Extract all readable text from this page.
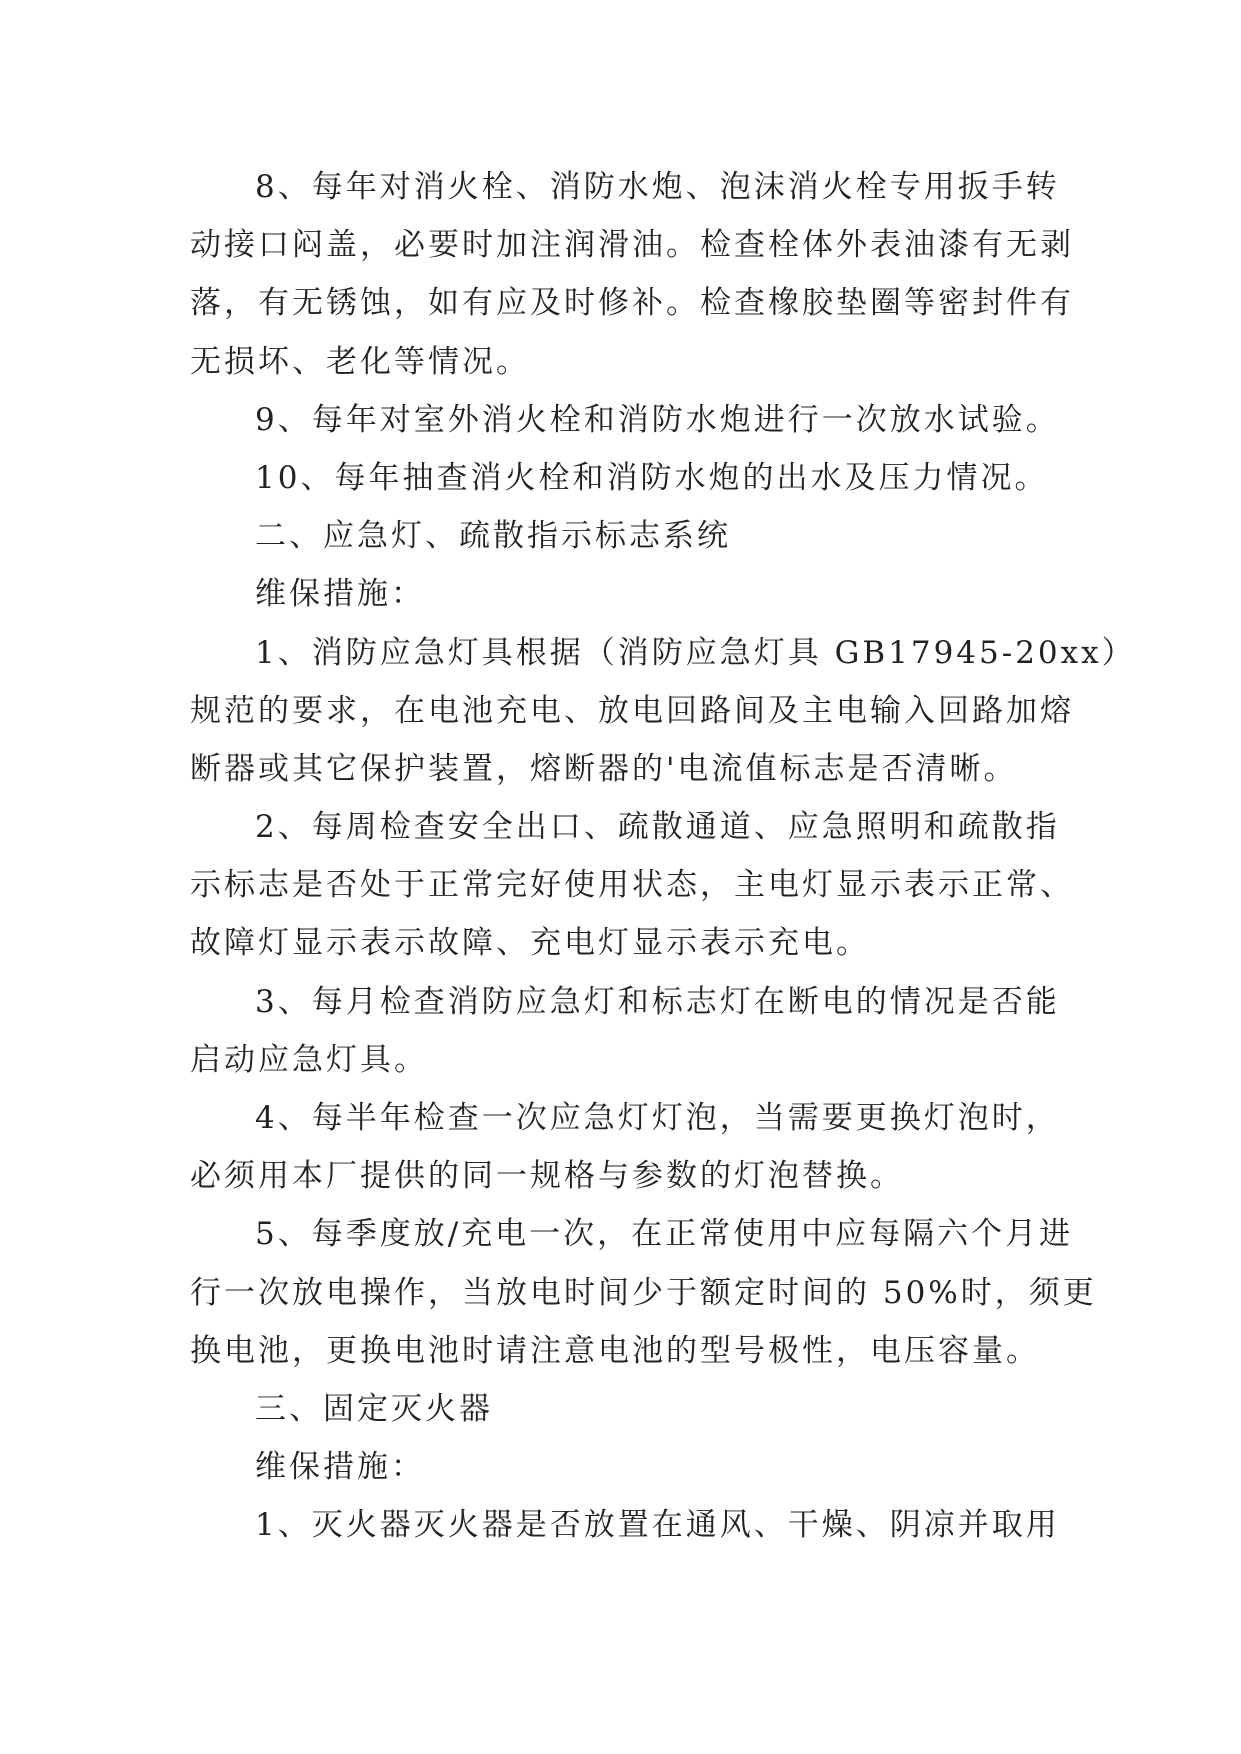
8、每年对消火栓、消防水炮、泡沫消火栓专用扳手转
动接口闷盖，必要时加注润滑油。检查栓体外表油漆有无剥
落，有无锈蚀，如有应及时修补。检查橡胶垫圈等密封件有
无损坏、老化等情况。
9、每年对室外消火栓和消防水炮进行一次放水试验。
10、每年抽查消火栓和消防水炮的出水及压力情况。
二、应急灯、疏散指示标志系统
维保措施：
1、消防应急灯具根据（消防应急灯具 GB17945-20xx）
规范的要求，在电池充电、放电回路间及主电输入回路加熔
断器或其它保护装置，熔断器的'电流值标志是否清晰。
2、每周检查安全出口、疏散通道、应急照明和疏散指
示标志是否处于正常完好使用状态，主电灯显示表示正常、
故障灯显示表示故障、充电灯显示表示充电。
3、每月检查消防应急灯和标志灯在断电的情况是否能
启动应急灯具。
4、每半年检查一次应急灯灯泡，当需要更换灯泡时，
必须用本厂提供的同一规格与参数的灯泡替换。
5、每季度放/充电一次，在正常使用中应每隔六个月进
行一次放电操作，当放电时间少于额定时间的 50%时，须更
换电池，更换电池时请注意电池的型号极性，电压容量。
三、固定灭火器
维保措施：
1、灭火器灭火器是否放置在通风、干燥、阴凉并取用
